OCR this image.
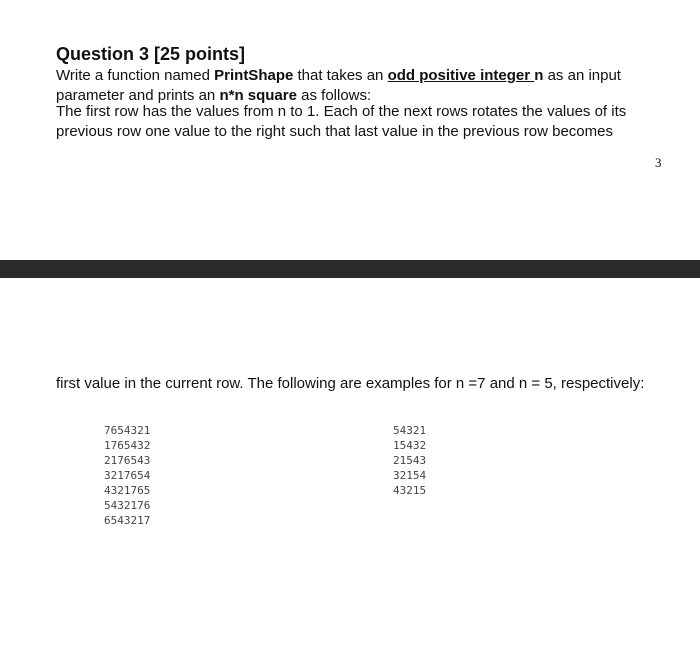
Question 3 [25 points]

Write a function named PrintShape that takes an odd positive integer n as an input parameter and prints an n*n square as follows:

The first row has the values from n to 1. Each of the next rows rotates the values of its previous row one value to the right such that last value in the previous row becomes

3

first value in the current row. The following are examples for n =7 and n = 5, respectively:

7654321
1765432
2176543
3217654
4321765
5432176
6543217
54321
15432
21543
32154
43215
